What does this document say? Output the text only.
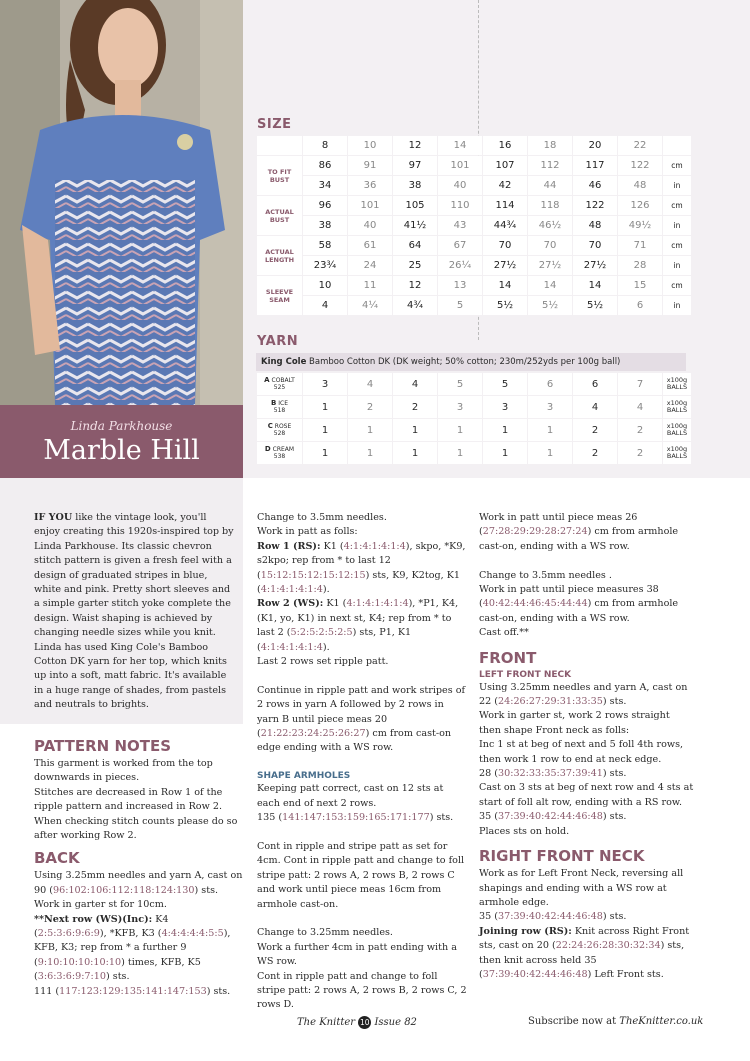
Linda Parkhouse
Marble Hill
SIZE
	8	10	12	14	16	18	20	22	
TO FIT BUST	86	91	97	101	107	112	117	122	cm
	34	36	38	40	42	44	46	48	in
ACTUAL BUST	96	101	105	110	114	118	122	126	cm
	38	40	41½	43	44¾	46½	48	49½	in
ACTUAL LENGTH	58	61	64	67	70	70	70	71	cm
	23¾	24	25	26¼	27½	27½	27½	28	in
SLEEVE SEAM	10	11	12	13	14	14	14	15	cm
	4	4¼	4¾	5	5½	5½	5½	6	in
YARN
King Cole Bamboo Cotton DK (DK weight; 50% cotton; 230m/252yds per 100g ball)
A COBALT
525	3	4	4	5	5	6	6	7	x100g BALLS
B ICE
518	1	2	2	3	3	3	4	4	x100g BALLS
C ROSE
528	1	1	1	1	1	1	2	2	x100g BALLS
D CREAM
538	1	1	1	1	1	1	2	2	x100g BALLS

IF YOU like the vintage look, you'll enjoy creating this 1920s-inspired top by Linda Parkhouse. Its classic chevron stitch pattern is given a fresh feel with a design of graduated stripes in blue, white and pink. Pretty short sleeves and a simple garter stitch yoke complete the design. Waist shaping is achieved by changing needle sizes while you knit. Linda has used King Cole's Bamboo Cotton DK yarn for her top, which knits up into a soft, matt fabric. It's available in a huge range of shades, from pastels and neutrals to brights.

PATTERN NOTES
This garment is worked from the top downwards in pieces.

Stitches are decreased in Row 1 of the ripple pattern and increased in Row 2. When checking stitch counts please do so after working Row 2.

BACK
Using 3.25mm needles and yarn A, cast on 90 (96:102:106:112:118:124:130) sts.
Work in garter st for 10cm.
**Next row (WS)(Inc): K4 (2:5:3:6:9:6:9), *KFB, K3 (4:4:4:4:4:5:5), KFB, K3; rep from * a further 9 (9:10:10:10:10:10) times, KFB, K5 (3:6:3:6:9:7:10) sts.
111 (117:123:129:135:141:147:153) sts.
Change to 3.5mm needles.
Work in patt as folls:
Row 1 (RS): K1 (4:1:4:1:4:1:4), skpo, *K9, s2kpo; rep from * to last 12 (15:12:15:12:15:12:15) sts, K9, K2tog, K1 (4:1:4:1:4:1:4).
Row 2 (WS): K1 (4:1:4:1:4:1:4), *P1, K4, (K1, yo, K1) in next st, K4; rep from * to last 2 (5:2:5:2:5:2:5) sts, P1, K1 (4:1:4:1:4:1:4).

Last 2 rows set ripple patt.

Continue in ripple patt and work stripes of 2 rows in yarn A followed by 2 rows in yarn B until piece meas 20 (21:22:23:24:25:26:27) cm from cast-on edge ending with a WS row.

SHAPE ARMHOLES
Keeping patt correct, cast on 12 sts at each end of next 2 rows.

135 (141:147:153:159:165:171:177) sts.

Cont in ripple and stripe patt as set for 4cm. Cont in ripple patt and change to foll stripe patt: 2 rows A, 2 rows B, 2 rows C and work until piece meas 16cm from armhole cast-on.

Change to 3.25mm needles.
Work a further 4cm in patt ending with a WS row.
Cont in ripple patt and change to foll stripe patt: 2 rows A, 2 rows B, 2 rows C, 2 rows D.

Work in patt until piece meas 26 (27:28:29:29:28:27:24) cm from armhole cast-on, ending with a WS row.

Change to 3.5mm needles .
Work in patt until piece measures 38 (40:42:44:46:45:44:44) cm from armhole cast-on, ending with a WS row.
Cast off.**
FRONT
LEFT FRONT NECK
Using 3.25mm needles and yarn A, cast on 22 (24:26:27:29:31:33:35) sts.
Work in garter st, work 2 rows straight then shape Front neck as folls:
Inc 1 st at beg of next and 5 foll 4th rows, then work 1 row to end at neck edge.
28 (30:32:33:35:37:39:41) sts.
Cast on 3 sts at beg of next row and 4 sts at start of foll alt row, ending with a RS row.
35 (37:39:40:42:44:46:48) sts.
Places sts on hold.
RIGHT FRONT NECK
Work as for Left Front Neck, reversing all shapings and ending with a WS row at armhole edge.
35 (37:39:40:42:44:46:48) sts.
Joining row (RS): Knit across Right Front sts, cast on 20 (22:24:26:28:30:32:34) sts, then knit across held 35 (37:39:40:42:44:46:48) Left Front sts.
The Knitter 10 Issue 82	Subscribe now at TheKnitter.co.uk
